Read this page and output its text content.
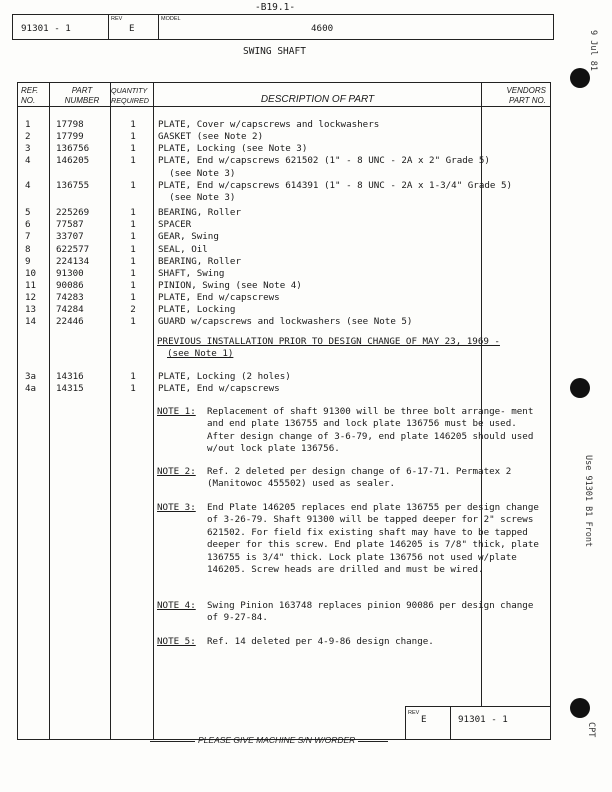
-B19.1-
91301 - 1
REV
E
MODEL
4600
SWING SHAFT
REF.
NO.
PART
NUMBER
QUANTITY
REQUIRED	DESCRIPTION OF PART
VENDORS
PART NO.
1	17798	1	PLATE, Cover w/capscrews and lockwashers
2	17799	1	GASKET (see Note 2)
3	136756	1	PLATE, Locking (see Note 3)
4	146205	1	PLATE, End w/capscrews 621502 (1" - 8 UNC - 2A x 2" Grade 5)
(see Note 3)
4	136755	1	PLATE, End w/capscrews 614391 (1" - 8 UNC - 2A x 1-3/4" Grade 5)
(see Note 3)
5	225269	1	BEARING, Roller
6	77587	1	SPACER
7	33707	1	GEAR, Swing
8	622577	1	SEAL, Oil
9	224134	1	BEARING, Roller
10	91300	1	SHAFT, Swing
11	90086	1	PINION, Swing (see Note 4)
12	74283	1	PLATE, End w/capscrews
13	74284	2	PLATE, Locking
14	22446	1	GUARD w/capscrews and lockwashers (see Note 5)
PREVIOUS INSTALLATION PRIOR TO DESIGN CHANGE OF MAY 23, 1969 -
(see Note 1)
3a	14316	1	PLATE, Locking (2 holes)
4a	14315	1	PLATE, End w/capscrews
NOTE 1: Replacement of shaft 91300 will be three bolt arrange- ment and end plate 136755 and lock plate 136756 must be used. After design change of 3-6-79, end plate 146205 should used w/out lock plate 136756.
NOTE 2: Ref. 2 deleted per design change of 6-17-71. Permatex 2 (Manitowoc 455502) used as sealer.
NOTE 3: End Plate 146205 replaces end plate 136755 per design change of 3-26-79. Shaft 91300 will be tapped deeper for 2" screws 621502. For field fix existing shaft may have to be tapped deeper for this screw. End plate 146205 is 7/8" thick, plate 136755 is 3/4" thick. Lock plate 136756 not used w/plate 146205. Screw heads are drilled and must be wired.
NOTE 4: Swing Pinion 163748 replaces pinion 90086 per design change of 9-27-84.
NOTE 5: Ref. 14 deleted per 4-9-86 design change.
REV
E	91301 - 1
PLEASE GIVE MACHINE S/N W/ORDER
9 Jul 81
Use 91301 B1 Front
CPT
